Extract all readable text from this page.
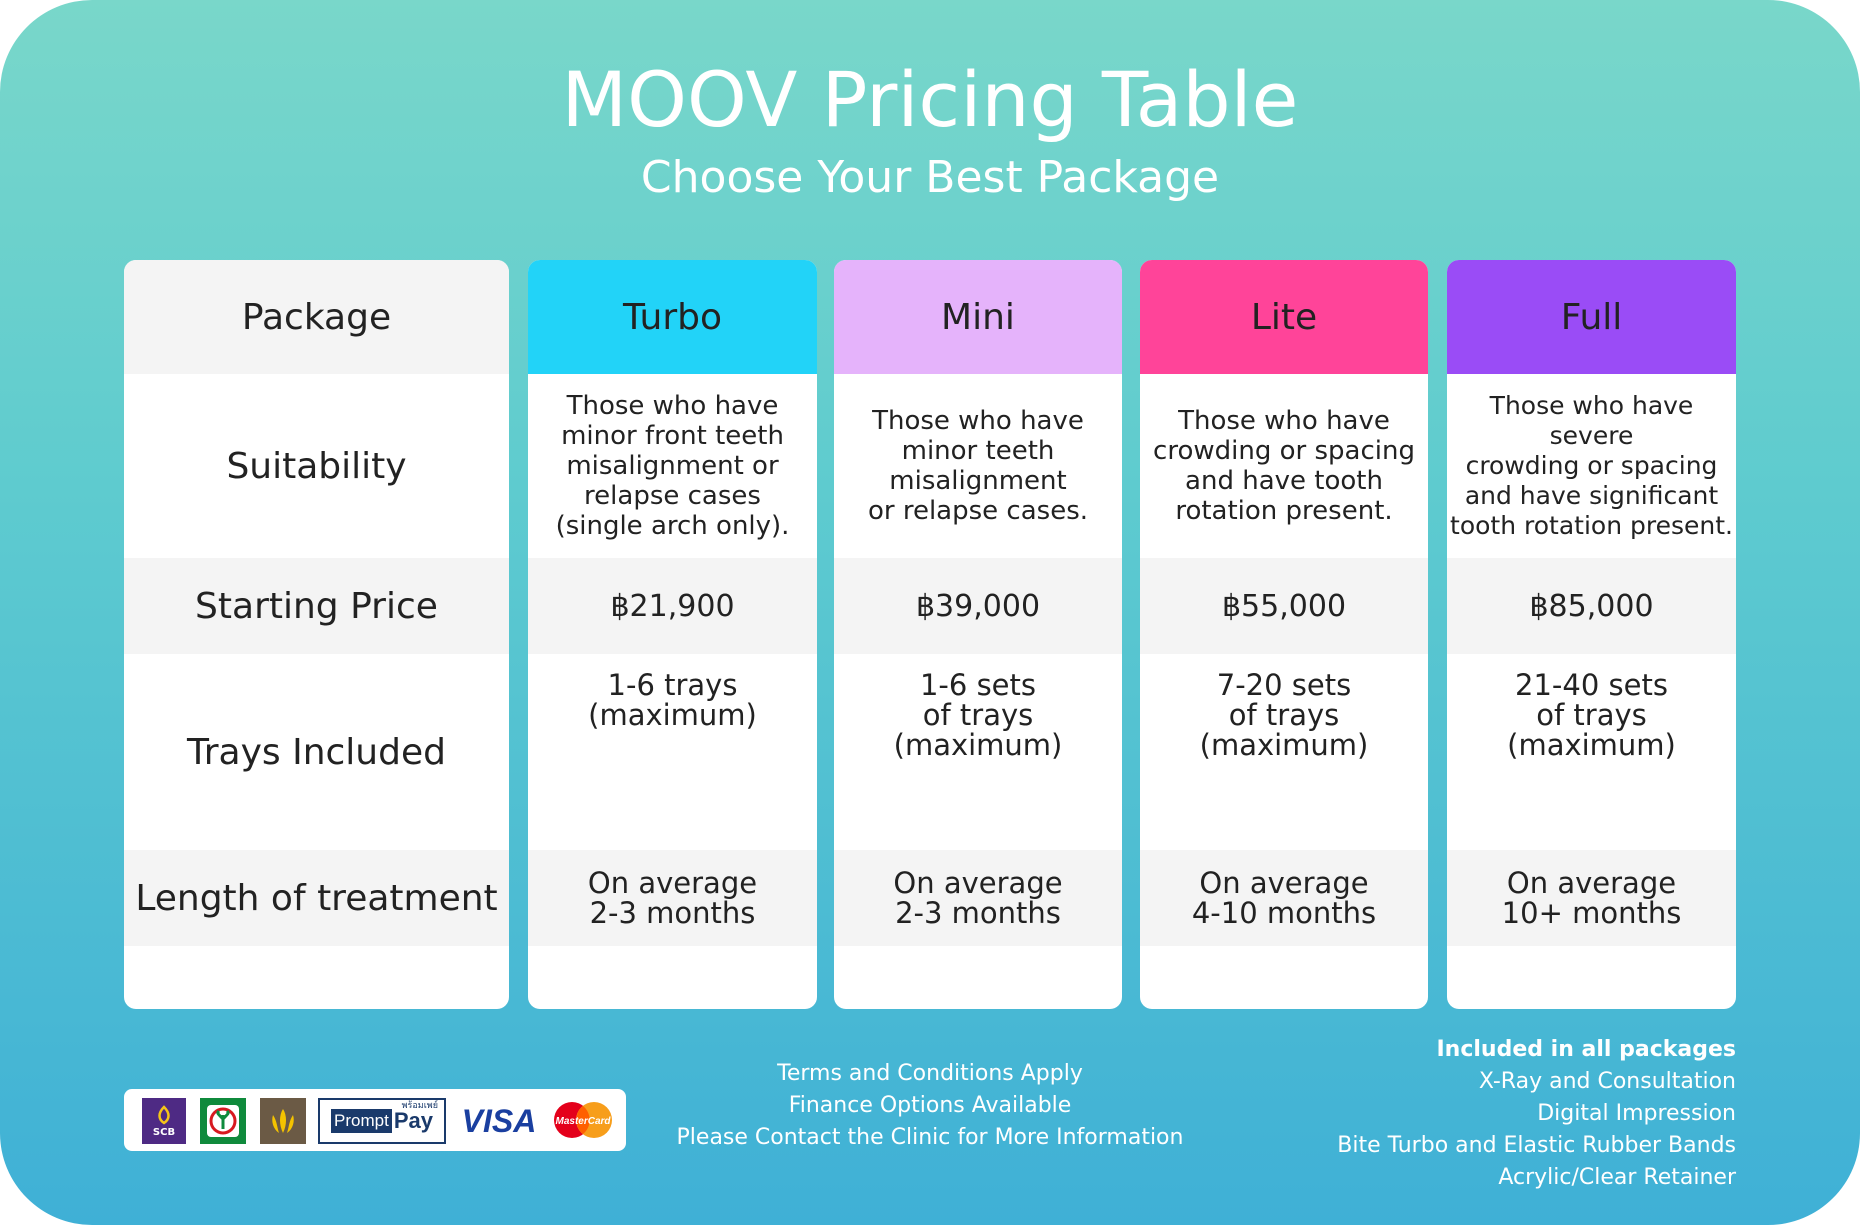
MOOV Pricing Table
Choose Your Best Package
Package
Suitability
Starting Price
Trays Included
Length of treatment
Turbo
Those who have
minor front teeth
misalignment or
relapse cases
(single arch only).
฿21,900
1-6 trays
(maximum)
On average
2-3 months
Mini
Those who have
minor teeth
misalignment
or relapse cases.
฿39,000
1-6 sets
of trays
(maximum)
On average
2-3 months
Lite
Those who have
crowding or spacing
and have tooth
rotation present.
฿55,000
7-20 sets
of trays
(maximum)
On average
4-10 months
Full
Those who have severe
crowding or spacing
and have significant
tooth rotation present.
฿85,000
21-40 sets
of trays
(maximum)
On average
10+ months
SCB
Prompt Pay
พร้อมเพย์ VISA MasterCard
Terms and Conditions Apply
Finance Options Available
Please Contact the Clinic for More Information
Included in all packages
X-Ray and Consultation
Digital Impression
Bite Turbo and Elastic Rubber Bands
Acrylic/Clear Retainer
